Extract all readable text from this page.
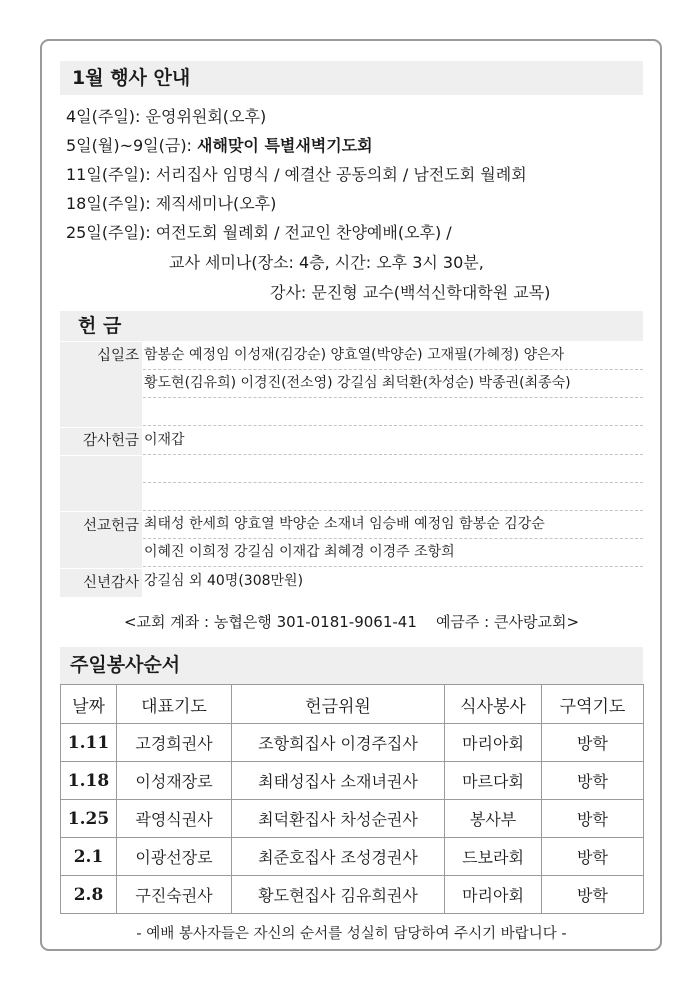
1월 행사 안내
4일(주일): 운영위원회(오후)
5일(월)~9일(금): 새해맞이 특별새벽기도회
11일(주일): 서리집사 임명식 / 예결산 공동의회 / 남전도회 월례회
18일(주일): 제직세미나(오후)
25일(주일): 여전도회 월례회 / 전교인 찬양예배(오후) /
교사 세미나(장소: 4층, 시간: 오후 3시 30분,
강사: 문진형 교수(백석신학대학원 교목)
헌 금
십일조 함봉순 예정임 이성재(김강순) 양효열(박양순) 고재필(가혜정) 양은자
황도현(김유희) 이경진(전소영) 강길심 최덕환(차성순) 박종권(최종숙)
감사헌금 이재갑
선교헌금 최태성 한세희 양효열 박양순 소재녀 임승배 예정임 함봉순 김강순
이혜진 이희정 강길심 이재갑 최혜경 이경주 조항희
신년감사 강길심 외 40명(308만원)
<교회 계좌 : 농협은행 301-0181-9061-41    예금주 : 큰사랑교회>
주일봉사순서
날짜	대표기도	헌금위원	식사봉사	구역기도
1.11	고경희권사	조항희집사 이경주집사	마리아회	방학
1.18	이성재장로	최태성집사 소재녀권사	마르다회	방학
1.25	곽영식권사	최덕환집사 차성순권사	봉사부	방학
2.1	이광선장로	최준호집사 조성경권사	드보라회	방학
2.8	구진숙권사	황도현집사 김유희권사	마리아회	방학
- 예배 봉사자들은 자신의 순서를 성실히 담당하여 주시기 바랍니다 -
